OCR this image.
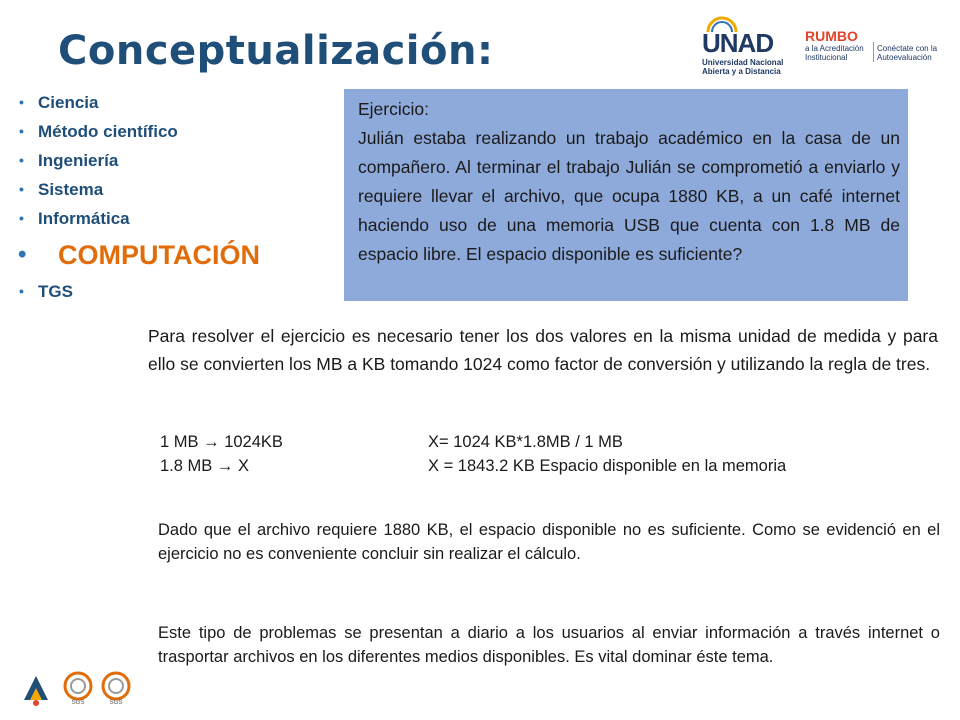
Conceptualización:	UNAD
Universidad Nacional
Abierta y a Distancia
RUMBO
a la Acreditación
Institucional
Conéctate con la
Autoevaluación
• Ciencia
• Método científico
• Ingeniería
• Sistema
• Informática
• COMPUTACIÓN
• TGS
Ejercicio:
Julián estaba realizando un trabajo académico en la casa de un compañero. Al terminar el trabajo Julián se comprometió a enviarlo y requiere llevar el archivo, que ocupa 1880 KB, a un café internet haciendo uso de una memoria USB que cuenta con 1.8 MB de espacio libre. El espacio disponible es suficiente?
Para resolver el ejercicio es necesario tener los dos valores en la misma unidad de medida y para ello se convierten los MB a KB tomando 1024 como factor de conversión y utilizando la regla de tres.
1 MB → 1024KB
1.8 MB → X
X= 1024 KB*1.8MB / 1 MB
X = 1843.2 KB Espacio disponible en la memoria
Dado que el archivo requiere 1880 KB, el espacio disponible no es suficiente. Como se evidenció en el ejercicio no es conveniente concluir sin realizar el cálculo.
Este tipo de problemas se presentan a diario a los usuarios al enviar información a través internet o trasportar archivos en los diferentes medios disponibles. Es vital dominar éste tema.
SGS	SGS
